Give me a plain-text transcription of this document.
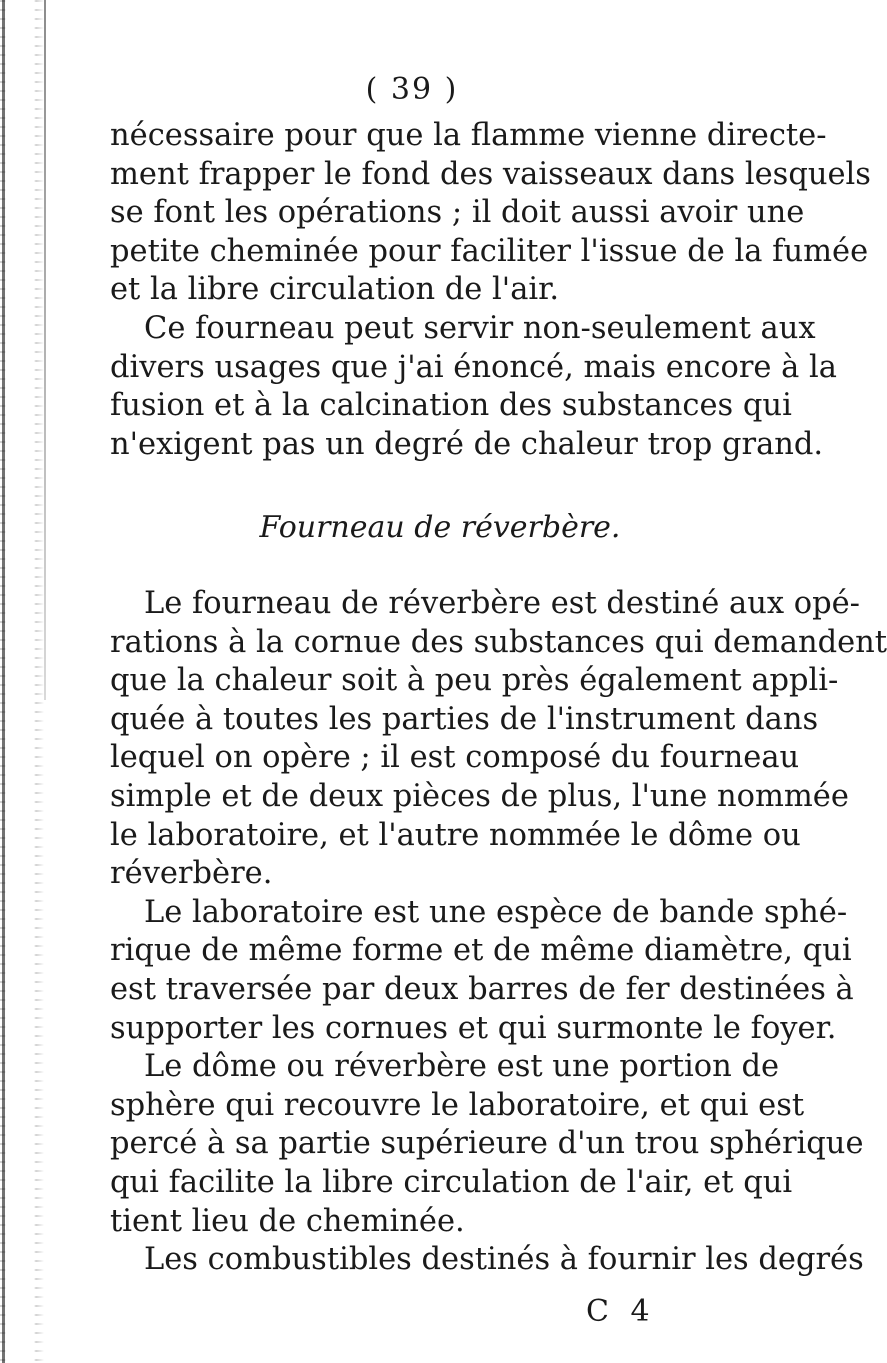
( 39 )
nécessaire pour que la flamme vienne directe-
ment frapper le fond des vaisseaux dans lesquels
se font les opérations ; il doit aussi avoir une
petite cheminée pour faciliter l'issue de la fumée
et la libre circulation de l'air.
Ce fourneau peut servir non-seulement aux
divers usages que j'ai énoncé, mais encore à la
fusion et à la calcination des substances qui
n'exigent pas un degré de chaleur trop grand.
Fourneau de réverbère.
Le fourneau de réverbère est destiné aux opé-
rations à la cornue des substances qui demandent
que la chaleur soit à peu près également appli-
quée à toutes les parties de l'instrument dans
lequel on opère ; il est composé du fourneau
simple et de deux pièces de plus, l'une nommée
le laboratoire, et l'autre nommée le dôme ou
réverbère.
Le laboratoire est une espèce de bande sphé-
rique de même forme et de même diamètre, qui
est traversée par deux barres de fer destinées à
supporter les cornues et qui surmonte le foyer.
Le dôme ou réverbère est une portion de
sphère qui recouvre le laboratoire, et qui est
percé à sa partie supérieure d'un trou sphérique
qui facilite la libre circulation de l'air, et qui
tient lieu de cheminée.
Les combustibles destinés à fournir les degrés
C 4
